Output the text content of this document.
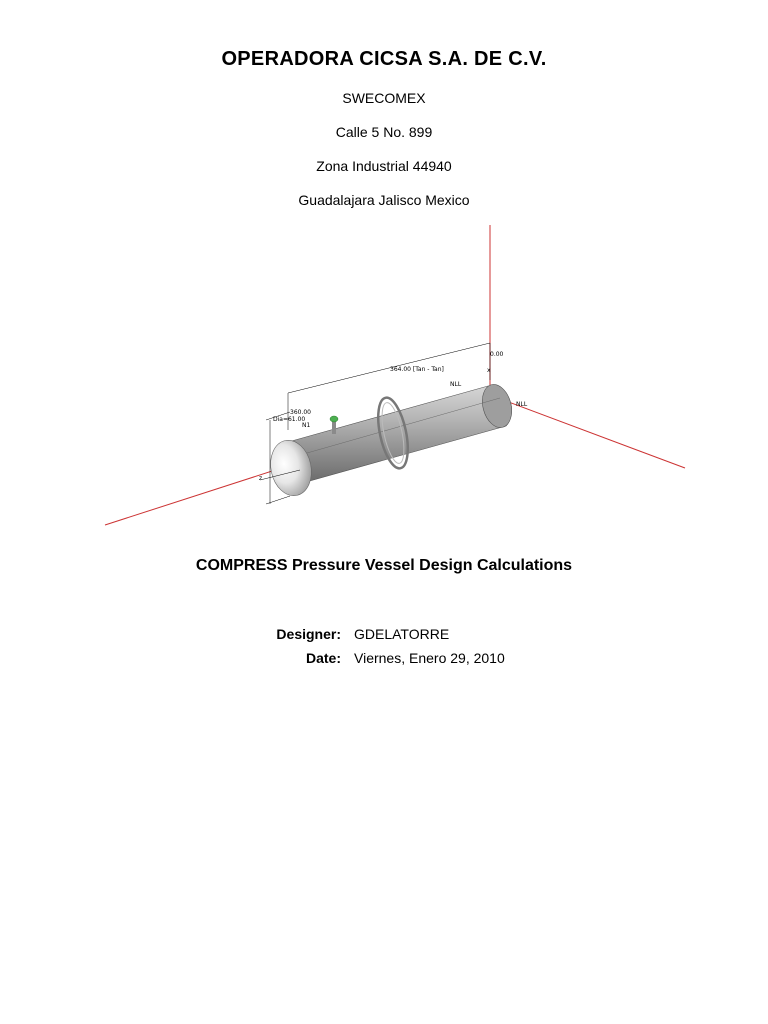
OPERADORA CICSA S.A. DE C.V.
SWECOMEX
Calle 5 No. 899
Zona Industrial 44940
Guadalajara Jalisco Mexico
364.00 [Tan - Tan]
0.00
x
360.00
Dia=61.00
N1
NLL
NLL
z
COMPRESS Pressure Vessel Design Calculations
Designer: GDELATORRE
Date: Viernes, Enero 29, 2010
